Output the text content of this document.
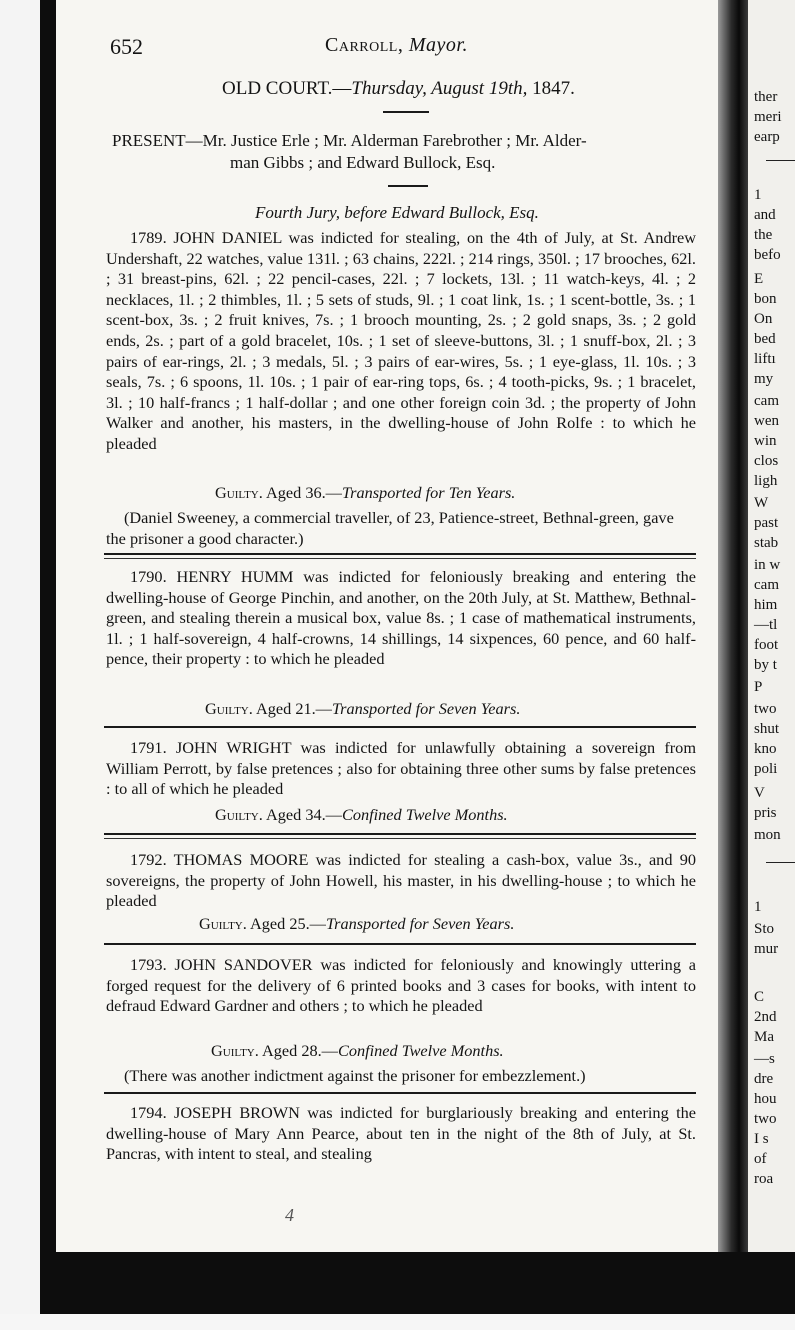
652	Carroll, Mayor.
OLD COURT.—Thursday, August 19th, 1847.
PRESENT—Mr. Justice Erle ; Mr. Alderman Farebrother ; Mr. Alder-
man Gibbs ; and Edward Bullock, Esq.
Fourth Jury, before Edward Bullock, Esq.

1789. JOHN DANIEL was indicted for stealing, on the 4th of July, at St. Andrew Undershaft, 22 watches, value 131l. ; 63 chains, 222l. ; 214 rings, 350l. ; 17 brooches, 62l. ; 31 breast-pins, 62l. ; 22 pencil-cases, 22l. ; 7 lockets, 13l. ; 11 watch-keys, 4l. ; 2 necklaces, 1l. ; 2 thimbles, 1l. ; 5 sets of studs, 9l. ; 1 coat link, 1s. ; 1 scent-bottle, 3s. ; 1 scent-box, 3s. ; 2 fruit knives, 7s. ; 1 brooch mounting, 2s. ; 2 gold snaps, 3s. ; 2 gold ends, 2s. ; part of a gold bracelet, 10s. ; 1 set of sleeve-buttons, 3l. ; 1 snuff-box, 2l. ; 3 pairs of ear-rings, 2l. ; 3 medals, 5l. ; 3 pairs of ear-wires, 5s. ; 1 eye-glass, 1l. 10s. ; 3 seals, 7s. ; 6 spoons, 1l. 10s. ; 1 pair of ear-ring tops, 6s. ; 4 tooth-picks, 9s. ; 1 bracelet, 3l. ; 10 half-francs ; 1 half-dollar ; and one other foreign coin 3d. ; the property of John Walker and another, his masters, in the dwelling-house of John Rolfe : to which he pleaded

Guilty. Aged 36.—Transported for Ten Years.
(Daniel Sweeney, a commercial traveller, of 23, Patience-street, Bethnal-green, gave the prisoner a good character.)

1790. HENRY HUMM was indicted for feloniously breaking and entering the dwelling-house of George Pinchin, and another, on the 20th July, at St. Matthew, Bethnal-green, and stealing therein a musical box, value 8s. ; 1 case of mathematical instruments, 1l. ; 1 half-sovereign, 4 half-crowns, 14 shillings, 14 sixpences, 60 pence, and 60 half-pence, their property : to which he pleaded

Guilty. Aged 21.—Transported for Seven Years.

1791. JOHN WRIGHT was indicted for unlawfully obtaining a sovereign from William Perrott, by false pretences ; also for obtaining three other sums by false pretences : to all of which he pleaded

Guilty. Aged 34.—Confined Twelve Months.

1792. THOMAS MOORE was indicted for stealing a cash-box, value 3s., and 90 sovereigns, the property of John Howell, his master, in his dwelling-house ; to which he pleaded

Guilty. Aged 25.—Transported for Seven Years.

1793. JOHN SANDOVER was indicted for feloniously and knowingly uttering a forged request for the delivery of 6 printed books and 3 cases for books, with intent to defraud Edward Gardner and others ; to which he pleaded

Guilty. Aged 28.—Confined Twelve Months.
(There was another indictment against the prisoner for embezzlement.)

1794. JOSEPH BROWN was indicted for burglariously breaking and entering the dwelling-house of Mary Ann Pearce, about ten in the night of the 8th of July, at St. Pancras, with intent to steal, and stealing

4
ther
meri
earp
1
and
the
befo
E
bon
On
bed
liftı
my
cam
wen
win
clos
ligh
W
past
stab
in w
cam
him
—tl
foot
by t
P
two
shut
kno
poli
V
pris
mon
1
Sto
mur
C
2nd
Ma
—s
dre
hou
two
I s
of
roa
